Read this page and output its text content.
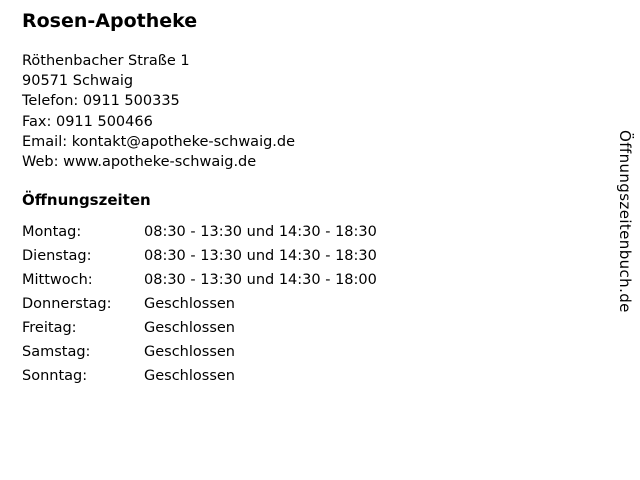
Rosen-Apotheke
Röthenbacher Straße 1
90571 Schwaig
Telefon: 0911 500335
Fax: 0911 500466
Email: kontakt@apotheke-schwaig.de
Web: www.apotheke-schwaig.de
Öffnungszeiten
Montag:	08:30 - 13:30 und 14:30 - 18:30
Dienstag:	08:30 - 13:30 und 14:30 - 18:30
Mittwoch:	08:30 - 13:30 und 14:30 - 18:00
Donnerstag:	Geschlossen
Freitag:	Geschlossen
Samstag:	Geschlossen
Sonntag:	Geschlossen
Öffnungszeitenbuch.de
